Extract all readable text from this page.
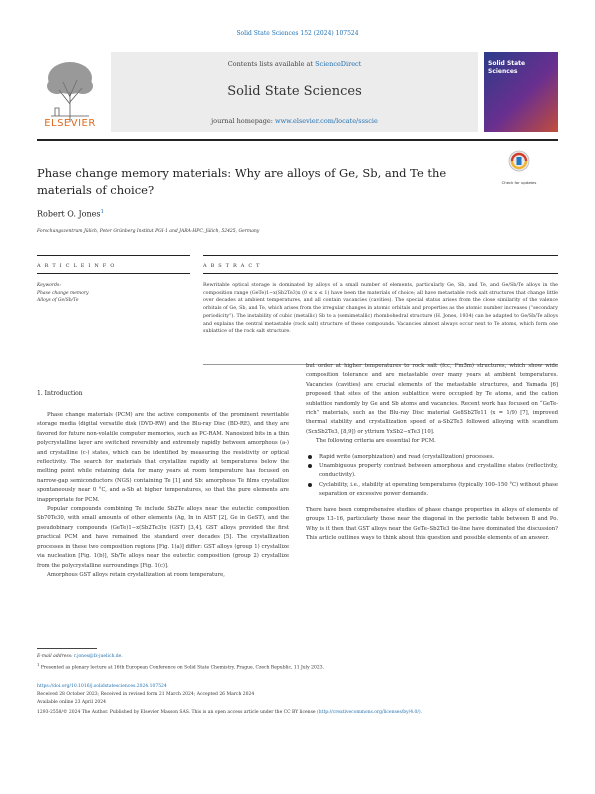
Solid State Sciences 152 (2024) 107524
Contents lists available at ScienceDirect
Solid State Sciences
journal homepage: www.elsevier.com/locate/ssscie
ELSEVIER
Solid State
Sciences
Phase change memory materials: Why are alloys of Ge, Sb, and Te the materials of choice?
Check for updates
Robert O. Jones$^1$
Forschungszentrum Jülich, Peter Grünberg Institut PGI-1 and JARA-HPC, Jülich, 52425, Germany
A R T I C L E I N F O	A B S T R A C T
Keywords:
Phase change memory
Alloys of Ge/Sb/Te
Rewritable optical storage is dominated by alloys of a small number of elements, particularly Ge, Sb, and Te, and Ge/Sb/Te alloys in the composition range (GeTe)1−x(Sb2Te3)x (0 ≤ x ≤ 1) have been the materials of choice; all have metastable rock salt structures that change little over decades at ambient temperatures, and all contain vacancies (cavities). The special status arises from the close similarity of the valence orbitals of Ge, Sb, and Te, which arises from the irregular changes in atomic orbitals and properties as the atomic number increases (“secondary periodicity”). The instability of cubic (metallic) Sb to a (semimetallic) rhombohedral structure (H. Jones, 1934) can be adapted to Ge/Sb/Te alloys and explains the central metastable (rock salt) structure of these compounds. Vacancies almost always occur next to Te atoms, which form one sublattice of the rock salt structure.
1. Introduction

Phase change materials (PCM) are the active components of the prominent rewritable storage media (digital versatile disk (DVD-RW) and the Blu-ray Disc (BD-RE), and they are favored for future non-volatile computer memories, such as PC-RAM. Nanosized bits in a thin polycrystalline layer are switched reversibly and extremely rapidly between amorphous (a-) and crystalline (c-) states, which can be identified by measuring the resistivity or optical reflectivity. The search for materials that crystallize rapidly at temperatures below the melting point while retaining data for many years at room temperature has focused on narrow-gap semiconductors (NGS) containing Te [1] and Sb: amorphous Te films crystallize spontaneously near 0 °C, and a-Sb at higher temperatures, so that the pure elements are inappropriate for PCM.

Popular compounds combining Te include Sb2Te alloys near the eutectic composition Sb70Te30, with small amounts of other elements (Ag, In in AIST [2], Ge in GeST), and the pseudobinary compounds (GeTe)1−x(Sb2Te3)x (GST) [3,4]. GST alloys provided the first practical PCM and have remained the standard over decades [5]. The crystallization processes in these two composition regions [Fig. 1(a)] differ: GST alloys (group 1) crystallize via nucleation [Fig. 1(b)], Sb/Te alloys near the eutectic composition (group 2) crystallize from the polycrystalline surroundings [Fig. 1(c)].

Amorphous GST alloys retain crystallization at room temperature,

but order at higher temperatures to rock salt (fcc, Fm3̄m) structures, which show wide composition tolerance and are metastable over many years at ambient temperatures. Vacancies (cavities) are crucial elements of the metastable structures, and Yamada [6] proposed that sites of the anion sublattice were occupied by Te atoms, and the cation sublattice randomly by Ge and Sb atoms and vacancies. Recent work has focused on “GeTe-rich” materials, such as the Blu-ray Disc material Ge8Sb2Te11 (x = 1/9) [7], improved thermal stability and crystallization speed of a-Sb2Te3 followed alloying with scandium (ScxSb2Te3, [8,9]) or yttrium YxSb2−xTe3 [10].

The following criteria are essential for PCM.

Rapid write (amorphization) and read (crystallization) processes.
Unambiguous property contrast between amorphous and crystalline states (reflectivity, conductivity).
Cyclability, i.e., stability at operating temperatures (typically 100–150 °C) without phase separation or excessive power demands.

There have been comprehensive studies of phase change properties in alloys of elements of groups 13–16, particularly those near the diagonal in the periodic table between B and Po. Why is it then that GST alloys near the GeTe–Sb2Te3 tie-line have dominated the discussion? This article outlines ways to think about this question and possible elements of an answer.

E-mail address: r.jones@fz-juelich.de.
$^1$ Presented as plenary lecture at 16th European Conference on Solid State Chemistry, Prague, Czech Republic, 11 July 2023.
https://doi.org/10.1016/j.solidstatesciences.2024.107524
Received 28 October 2023; Received in revised form 21 March 2024; Accepted 26 March 2024
Available online 23 April 2024
1293-2558/© 2024 The Author. Published by Elsevier Masson SAS. This is an open access article under the CC BY license (http://creativecommons.org/licenses/by/4.0/).
